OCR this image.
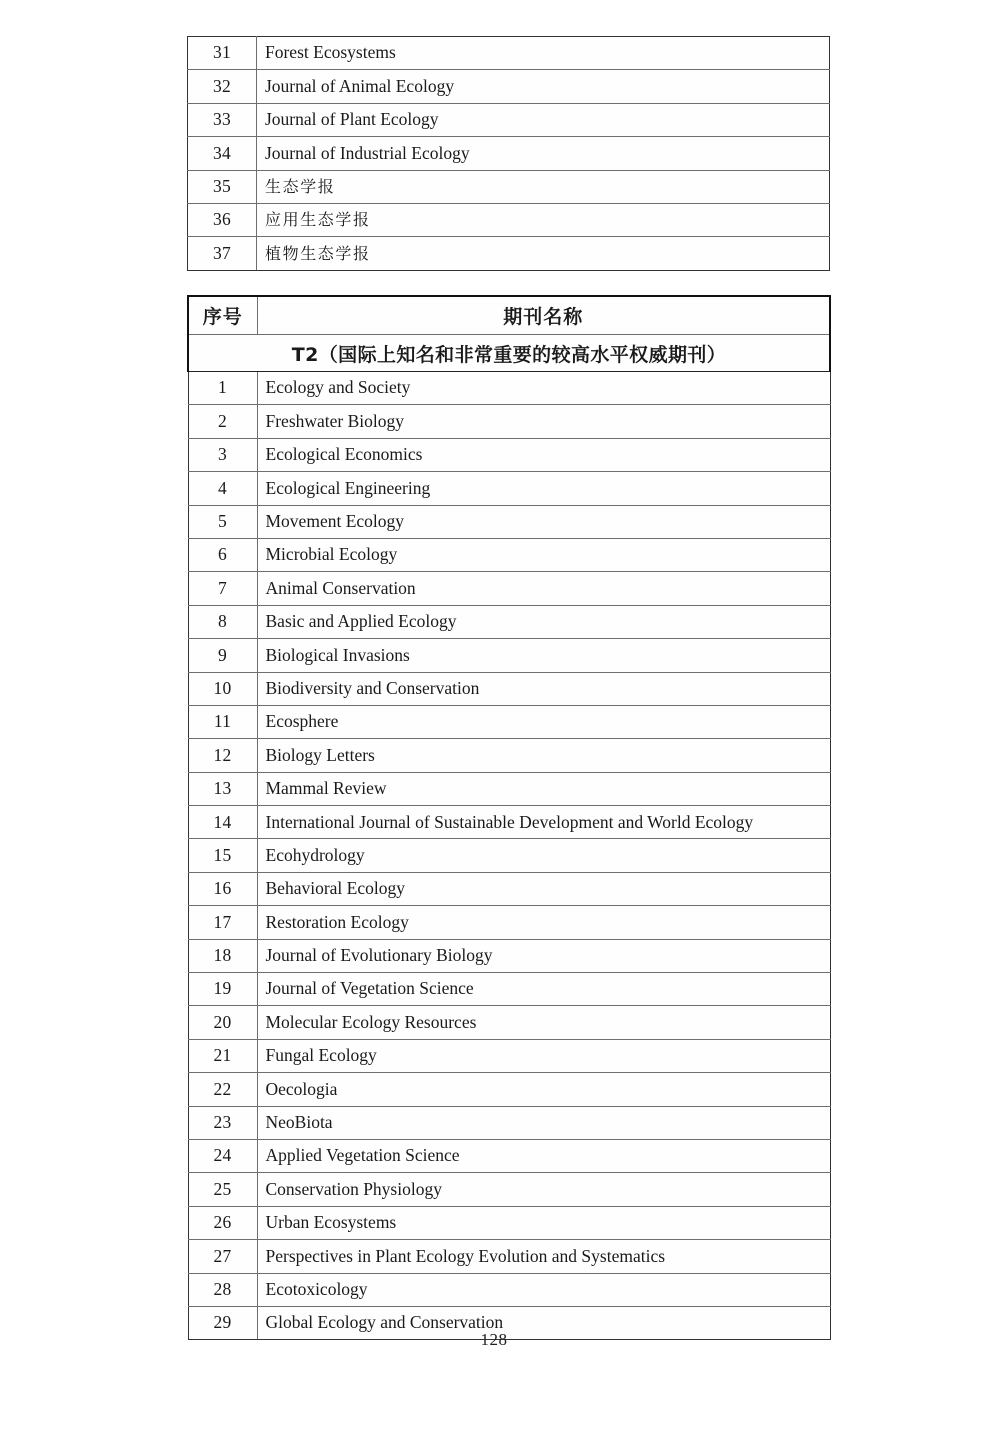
31	Forest Ecosystems
32	Journal of Animal Ecology
33	Journal of Plant Ecology
34	Journal of Industrial Ecology
35	生态学报
36	应用生态学报
37	植物生态学报
序号	期刊名称
T2（国际上知名和非常重要的较高水平权威期刊）	
1	Ecology and Society
2	Freshwater Biology
3	Ecological Economics
4	Ecological Engineering
5	Movement Ecology
6	Microbial Ecology
7	Animal Conservation
8	Basic and Applied Ecology
9	Biological Invasions
10	Biodiversity and Conservation
11	Ecosphere
12	Biology Letters
13	Mammal Review
14	International Journal of Sustainable Development and World Ecology
15	Ecohydrology
16	Behavioral Ecology
17	Restoration Ecology
18	Journal of Evolutionary Biology
19	Journal of Vegetation Science
20	Molecular Ecology Resources
21	Fungal Ecology
22	Oecologia
23	NeoBiota
24	Applied Vegetation Science
25	Conservation Physiology
26	Urban Ecosystems
27	Perspectives in Plant Ecology Evolution and Systematics
28	Ecotoxicology
29	Global Ecology and Conservation
128
